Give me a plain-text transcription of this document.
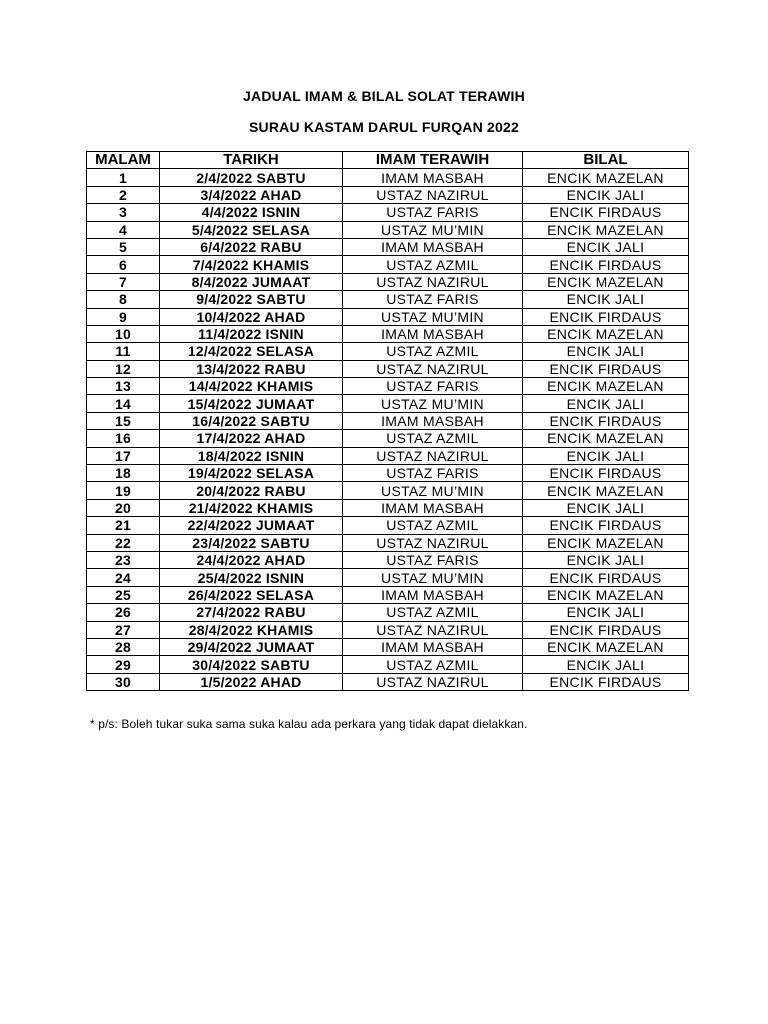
JADUAL IMAM & BILAL SOLAT TERAWIH
SURAU KASTAM DARUL FURQAN 2022
MALAM	TARIKH	IMAM TERAWIH	BILAL
1	2/4/2022 SABTU	IMAM MASBAH	ENCIK MAZELAN
2	3/4/2022 AHAD	USTAZ NAZIRUL	ENCIK JALI
3	4/4/2022 ISNIN	USTAZ FARIS	ENCIK FIRDAUS
4	5/4/2022 SELASA	USTAZ MU’MIN	ENCIK MAZELAN
5	6/4/2022 RABU	IMAM MASBAH	ENCIK JALI
6	7/4/2022 KHAMIS	USTAZ AZMIL	ENCIK FIRDAUS
7	8/4/2022 JUMAAT	USTAZ NAZIRUL	ENCIK MAZELAN
8	9/4/2022 SABTU	USTAZ FARIS	ENCIK JALI
9	10/4/2022 AHAD	USTAZ MU’MIN	ENCIK FIRDAUS
10	11/4/2022 ISNIN	IMAM MASBAH	ENCIK MAZELAN
11	12/4/2022 SELASA	USTAZ AZMIL	ENCIK JALI
12	13/4/2022 RABU	USTAZ NAZIRUL	ENCIK FIRDAUS
13	14/4/2022 KHAMIS	USTAZ FARIS	ENCIK MAZELAN
14	15/4/2022 JUMAAT	USTAZ MU’MIN	ENCIK JALI
15	16/4/2022 SABTU	IMAM MASBAH	ENCIK FIRDAUS
16	17/4/2022 AHAD	USTAZ AZMIL	ENCIK MAZELAN
17	18/4/2022 ISNIN	USTAZ NAZIRUL	ENCIK JALI
18	19/4/2022 SELASA	USTAZ FARIS	ENCIK FIRDAUS
19	20/4/2022 RABU	USTAZ MU’MIN	ENCIK MAZELAN
20	21/4/2022 KHAMIS	IMAM MASBAH	ENCIK JALI
21	22/4/2022 JUMAAT	USTAZ AZMIL	ENCIK FIRDAUS
22	23/4/2022 SABTU	USTAZ NAZIRUL	ENCIK MAZELAN
23	24/4/2022 AHAD	USTAZ FARIS	ENCIK JALI
24	25/4/2022 ISNIN	USTAZ MU’MIN	ENCIK FIRDAUS
25	26/4/2022 SELASA	IMAM MASBAH	ENCIK MAZELAN
26	27/4/2022 RABU	USTAZ AZMIL	ENCIK JALI
27	28/4/2022 KHAMIS	USTAZ NAZIRUL	ENCIK FIRDAUS
28	29/4/2022 JUMAAT	IMAM MASBAH	ENCIK MAZELAN
29	30/4/2022 SABTU	USTAZ AZMIL	ENCIK JALI
30	1/5/2022 AHAD	USTAZ NAZIRUL	ENCIK FIRDAUS
* p/s: Boleh tukar suka sama suka kalau ada perkara yang tidak dapat dielakkan.
